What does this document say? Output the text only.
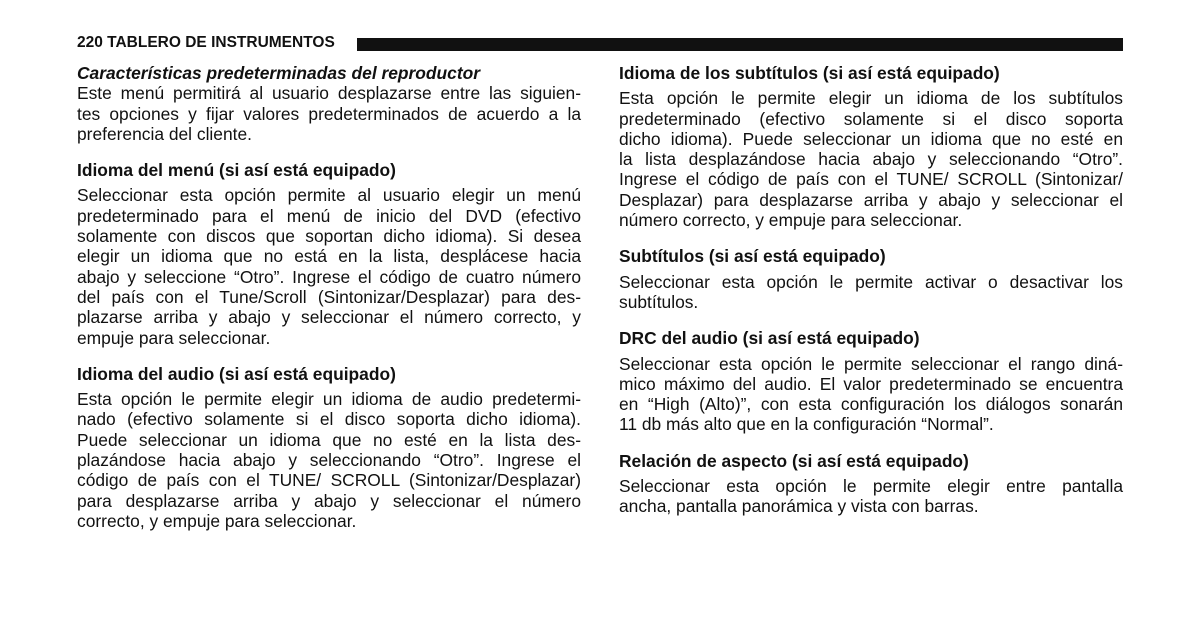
220 TABLERO DE INSTRUMENTOS

Características predeterminadas del reproductor

Este menú permitirá al usuario desplazarse entre las siguien-
tes opciones y fijar valores predeterminados de acuerdo a la
preferencia del cliente.

Idioma del menú (si así está equipado)

Seleccionar esta opción permite al usuario elegir un menú
predeterminado para el menú de inicio del DVD (efectivo
solamente con discos que soportan dicho idioma). Si desea
elegir un idioma que no está en la lista, desplácese hacia
abajo y seleccione “Otro”. Ingrese el código de cuatro número
del país con el Tune/Scroll (Sintonizar/Desplazar) para des-
plazarse arriba y abajo y seleccionar el número correcto, y
empuje para seleccionar.

Idioma del audio (si así está equipado)

Esta opción le permite elegir un idioma de audio predetermi-
nado (efectivo solamente si el disco soporta dicho idioma).
Puede seleccionar un idioma que no esté en la lista des-
plazándose hacia abajo y seleccionando “Otro”. Ingrese el
código de país con el TUNE/ SCROLL (Sintonizar/Desplazar)
para desplazarse arriba y abajo y seleccionar el número
correcto, y empuje para seleccionar.

Idioma de los subtítulos (si así está equipado)

Esta opción le permite elegir un idioma de los subtítulos
predeterminado (efectivo solamente si el disco soporta
dicho idioma). Puede seleccionar un idioma que no esté en
la lista desplazándose hacia abajo y seleccionando “Otro”.
Ingrese el código de país con el TUNE/ SCROLL (Sintonizar/
Desplazar) para desplazarse arriba y abajo y seleccionar el
número correcto, y empuje para seleccionar.

Subtítulos (si así está equipado)

Seleccionar esta opción le permite activar o desactivar los
subtítulos.

DRC del audio (si así está equipado)

Seleccionar esta opción le permite seleccionar el rango diná-
mico máximo del audio. El valor predeterminado se encuentra
en “High (Alto)”, con esta configuración los diálogos sonarán
11 db más alto que en la configuración “Normal”.

Relación de aspecto (si así está equipado)

Seleccionar esta opción le permite elegir entre pantalla
ancha, pantalla panorámica y vista con barras.
